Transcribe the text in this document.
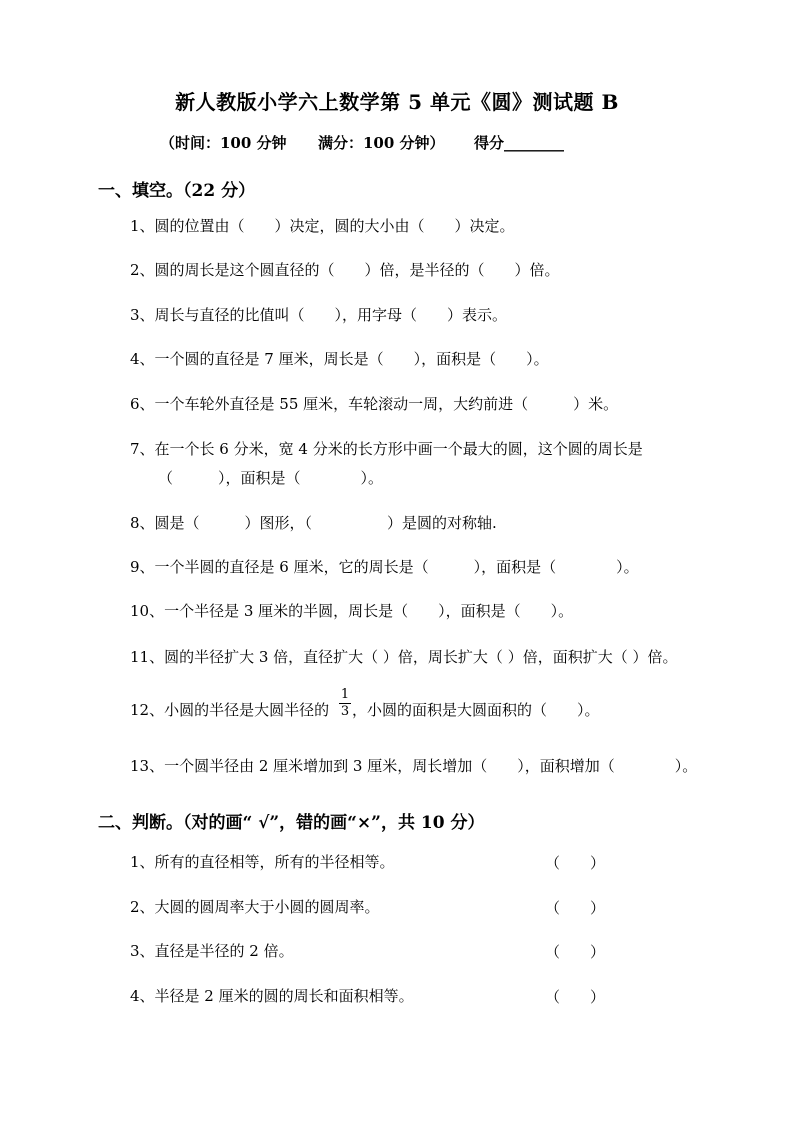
新人教版小学六上数学第 5 单元《圆》测试题 B
（时间：100 分钟 满分：100 分钟） 得分________
一、填空。（22 分）
1、圆的位置由（　　）决定，圆的大小由（　　）决定。
2、圆的周长是这个圆直径的（　　）倍，是半径的（　　）倍。
3、周长与直径的比值叫（　　），用字母（　　）表示。
4、一个圆的直径是 7 厘米，周长是（　　），面积是（　　）。
6、一个车轮外直径是 55 厘米，车轮滚动一周，大约前进（　　　）米。
7、在一个长 6 分米，宽 4 分米的长方形中画一个最大的圆，这个圆的周长是
（　　　），面积是（　　　　）。
8、圆是（　　　）图形，（　　　　　）是圆的对称轴.
9、一个半圆的直径是 6 厘米，它的周长是（　　　），面积是（　　　　）。
10、一个半径是 3 厘米的半圆，周长是（　　），面积是（　　）。
11、圆的半径扩大 3 倍，直径扩大（ ）倍，周长扩大（ ）倍，面积扩大（ ）倍。
12、小圆的半径是大圆半径的
1
3 ，小圆的面积是大圆面积的（　　）。
13、一个圆半径由 2 厘米增加到 3 厘米，周长增加（　　），面积增加（　　　　）。
二、判断。（对的画“ √”，错的画“×”，共 10 分）
1、所有的直径相等，所有的半径相等。	（　　）
2、大圆的圆周率大于小圆的圆周率。	（　　）
3、直径是半径的 2 倍。	（　　）
4、半径是 2 厘米的圆的周长和面积相等。	（　　）
